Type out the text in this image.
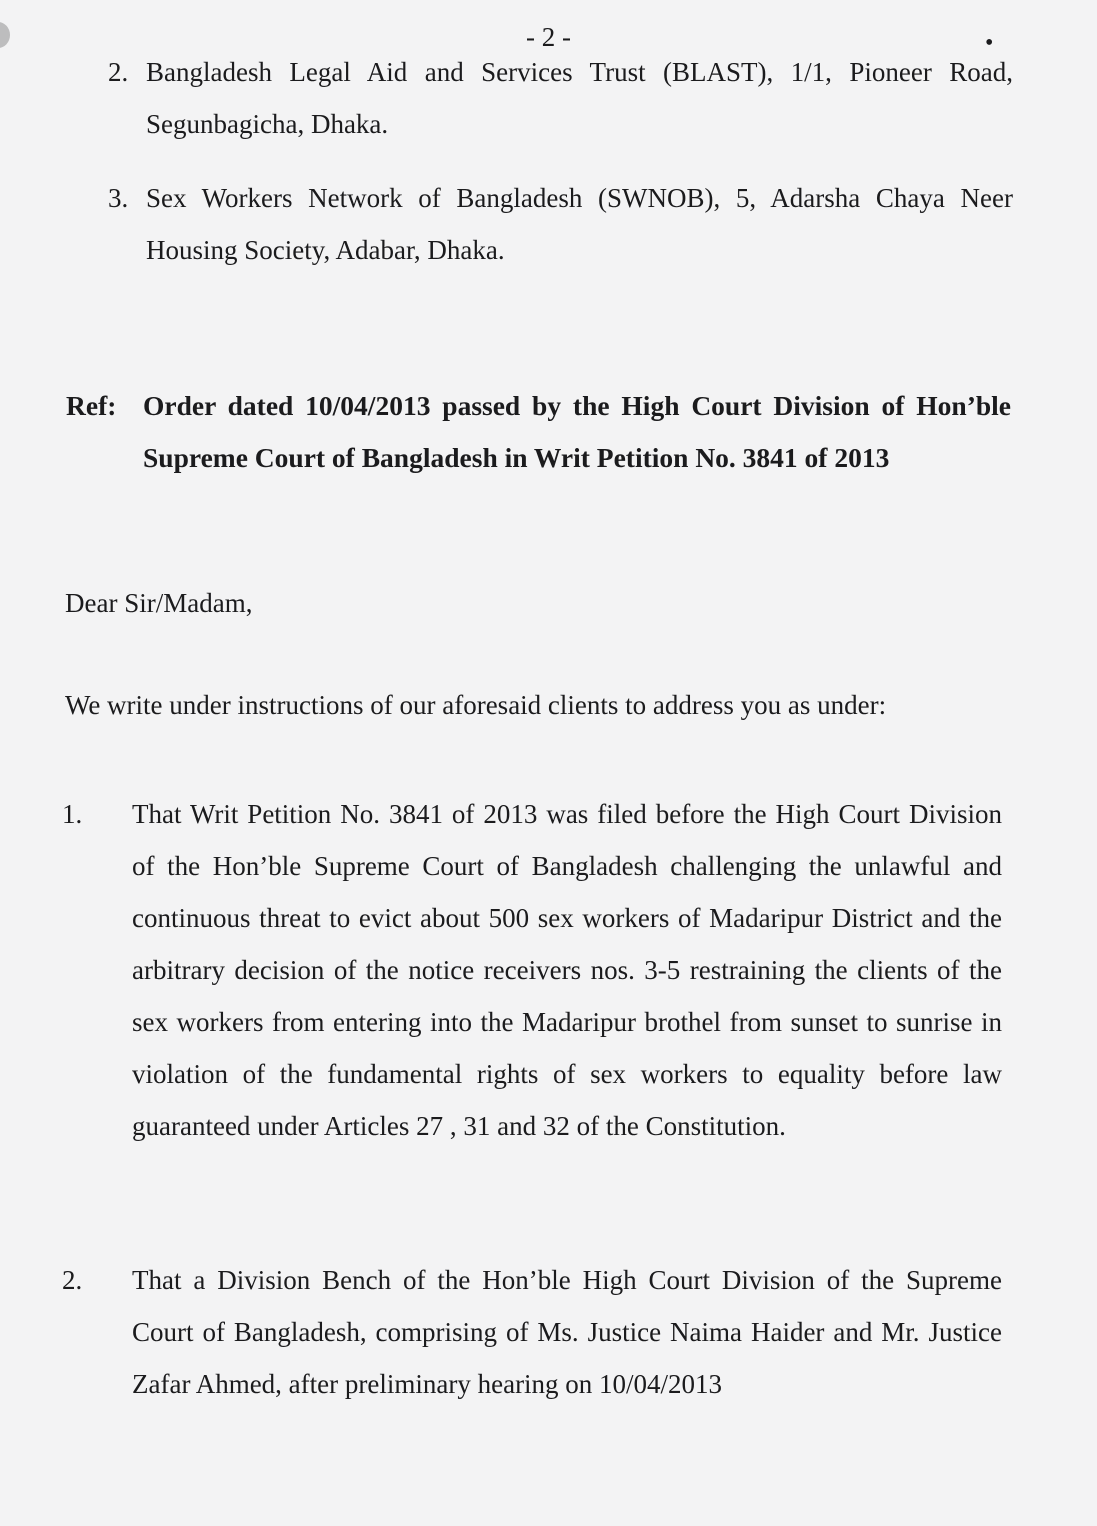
- 2 -	•
2. Bangladesh Legal Aid and Services Trust (BLAST), 1/1, Pioneer Road, Segunbagicha, Dhaka.
3. Sex Workers Network of Bangladesh (SWNOB), 5, Adarsha Chaya Neer Housing Society, Adabar, Dhaka.
Ref: Order dated 10/04/2013 passed by the High Court Division of Hon’ble Supreme Court of Bangladesh in Writ Petition No. 3841 of 2013
Dear Sir/Madam,
We write under instructions of our aforesaid clients to address you as under:
1. That Writ Petition No. 3841 of 2013 was filed before the High Court Division of the Hon’ble Supreme Court of Bangladesh challenging the unlawful and continuous threat to evict about 500 sex workers of Madaripur District and the arbitrary decision of the notice receivers nos. 3-5 restraining the clients of the sex workers from entering into the Madaripur brothel from sunset to sunrise in violation of the fundamental rights of sex workers to equality before law guaranteed under Articles 27 , 31 and 32 of the Constitution.
2. That a Division Bench of the Hon’ble High Court Division of the Supreme Court of Bangladesh, comprising of Ms. Justice Naima Haider and Mr. Justice Zafar Ahmed, after preliminary hearing on 10/04/2013
